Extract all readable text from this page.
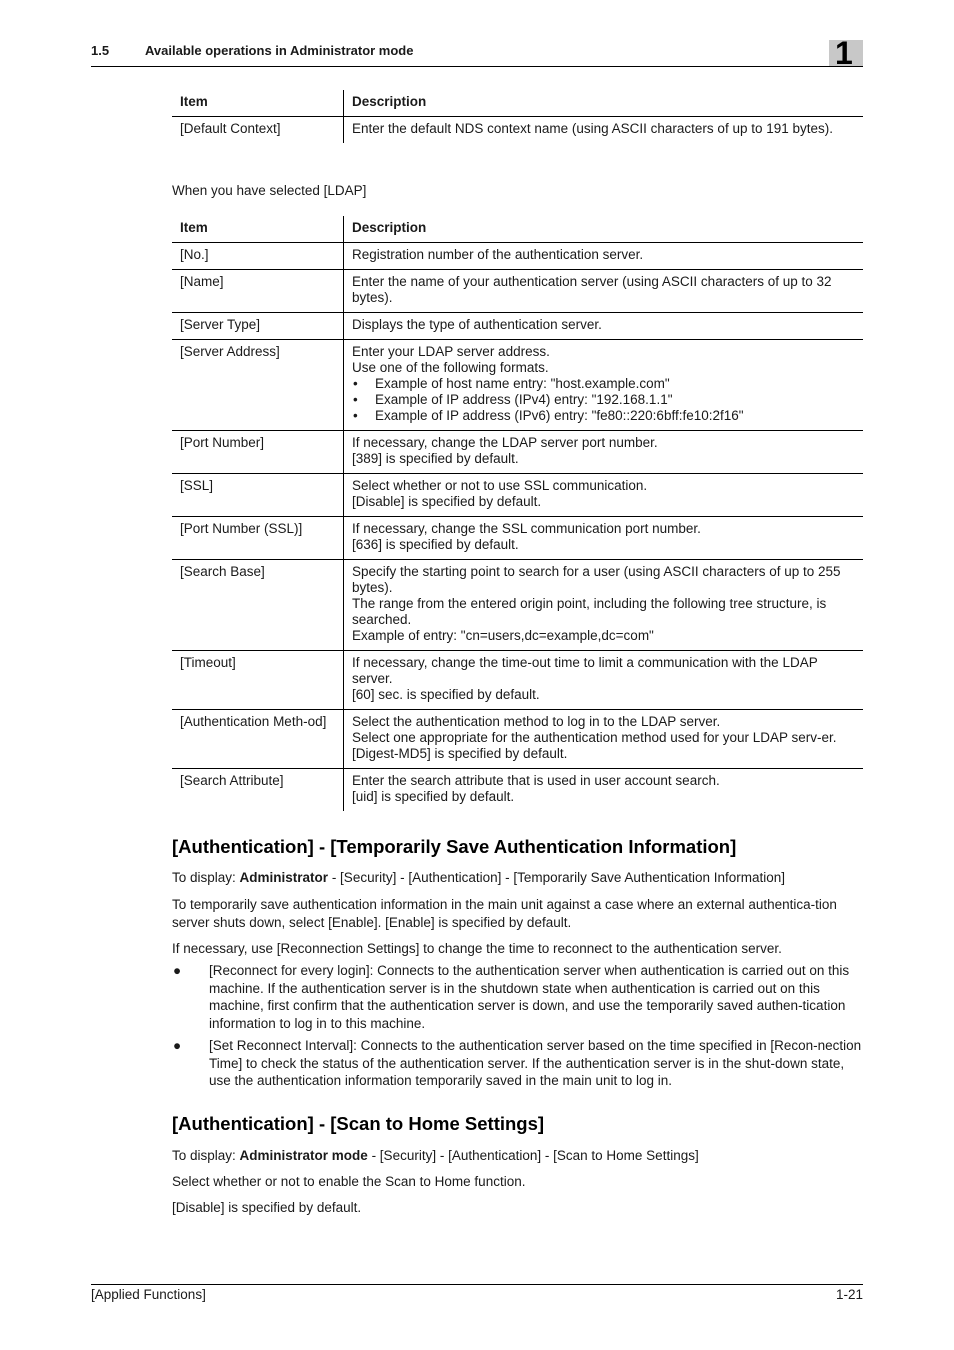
1.5	Available operations in Administrator mode	1
Item	Description
[Default Context]	Enter the default NDS context name (using ASCII characters of up to 191 bytes).
When you have selected [LDAP]
Item	Description
[No.]	Registration number of the authentication server.

[Name]	Enter the name of your authentication server (using ASCII characters of up to 32 bytes).

[Server Type]	Displays the type of authentication server.

[Server Address]	Enter your LDAP server address.
Use one of the following formats.
• Example of host name entry: "host.example.com"
• Example of IP address (IPv4) entry: "192.168.1.1"
• Example of IP address (IPv6) entry: "fe80::220:6bff:fe10:2f16"

[Port Number]	If necessary, change the LDAP server port number.
[389] is specified by default.

[SSL]	Select whether or not to use SSL communication.
[Disable] is specified by default.

[Port Number (SSL)]	If necessary, change the SSL communication port number.
[636] is specified by default.

[Search Base]	Specify the starting point to search for a user (using ASCII characters of up to 255 bytes).
The range from the entered origin point, including the following tree structure, is searched.
Example of entry: "cn=users,dc=example,dc=com"

[Timeout]	If necessary, change the time-out time to limit a communication with the LDAP server.
[60] sec. is specified by default.

[Authentication Meth-od]	Select the authentication method to log in to the LDAP server.
Select one appropriate for the authentication method used for your LDAP serv-er.
[Digest-MD5] is specified by default.

[Search Attribute]	Enter the search attribute that is used in user account search.
[uid] is specified by default.
[Authentication] - [Temporarily Save Authentication Information]
To display: Administrator - [Security] - [Authentication] - [Temporarily Save Authentication Information]
To temporarily save authentication information in the main unit against a case where an external authentica-tion server shuts down, select [Enable]. [Enable] is specified by default.
If necessary, use [Reconnection Settings] to change the time to reconnect to the authentication server.
● [Reconnect for every login]: Connects to the authentication server when authentication is carried out on this machine. If the authentication server is in the shutdown state when authentication is carried out on this machine, first confirm that the authentication server is down, and use the temporarily saved authen-tication information to log in to this machine.
● [Set Reconnect Interval]: Connects to the authentication server based on the time specified in [Recon-nection Time] to check the status of the authentication server. If the authentication server is in the shut-down state, use the authentication information temporarily saved in the main unit to log in.
[Authentication] - [Scan to Home Settings]
To display: Administrator mode - [Security] - [Authentication] - [Scan to Home Settings]
Select whether or not to enable the Scan to Home function.
[Disable] is specified by default.
[Applied Functions]	1-21
